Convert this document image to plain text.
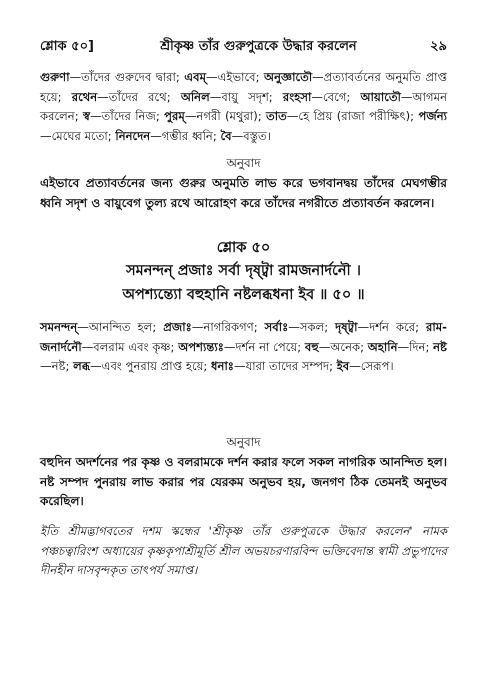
শ্লোক ৫০]	শ্রীকৃষ্ণ তাঁর গুরুপুত্রকে উদ্ধার করলেন	২৯
গুরুণা—তাঁদের গুরুদেব দ্বারা; এবম্—এইভাবে; অনুজ্ঞাতৌ—প্রত্যাবর্তনের অনুমতি প্রাপ্ত হয়ে; রথেন—তাঁদের রথে; অনিল—বায়ু সদৃশ; রংহসা—বেগে; আয়াতৌ—আগমন করলেন; স্ব—তাঁদের নিজ; পুরম্—নগরী (মথুরা); তাত—হে প্রিয় (রাজা পরীক্ষিৎ); পর্জন্য—মেঘের মতো; নিনদেন—গম্ভীর ধ্বনি; বৈ—বস্তুত।
অনুবাদ
এইভাবে প্রত্যাবর্তনের জন্য গুরুর অনুমতি লাভ করে ভগবানদ্বয় তাঁদের মেঘগম্ভীর ধ্বনি সদৃশ ও বায়ুবেগ তুল্য রথে আরোহণ করে তাঁদের নগরীতে প্রত্যাবর্তন করলেন।
শ্লোক ৫০
সমনন্দন্ প্রজাঃ সর্বা দৃষ্ট্বা রামজনার্দনৌ ।
অপশ্যন্ত্যো বহুহানি নষ্টলব্ধধনা ইব ॥ ৫০ ॥
সমনন্দন্—আনন্দিত হল; প্রজাঃ—নাগরিকগণ; সর্বাঃ—সকল; দৃষ্ট্বা—দর্শন করে; রাম-জনার্দনৌ—বলরাম এবং কৃষ্ণ; অপশ্যন্ত্যঃ—দর্শন না পেয়ে; বহু—অনেক; অহানি—দিন; নষ্ট—নষ্ট; লব্ধ—এবং পুনরায় প্রাপ্ত হয়ে; ধনাঃ—যারা তাদের সম্পদ; ইব—সেরূপ।
অনুবাদ
বহুদিন অদর্শনের পর কৃষ্ণ ও বলরামকে দর্শন করার ফলে সকল নাগরিক আনন্দিত হল। নষ্ট সম্পদ পুনরায় লাভ করার পর যেরকম অনুভব হয়, জনগণ ঠিক তেমনই অনুভব করেছিল।
ইতি শ্রীমদ্ভাগবতের দশম স্কন্ধের 'শ্রীকৃষ্ণ তাঁর গুরুপুত্রকে উদ্ধার করলেন' নামক পঞ্চচত্বারিংশ অধ্যায়ের কৃষ্ণকৃপাশ্রীমূর্তি শ্রীল অভয়চরণারবিন্দ ভক্তিবেদান্ত স্বামী প্রভুপাদের দীনহীন দাসবৃন্দকৃত তাৎপর্য সমাপ্ত।
